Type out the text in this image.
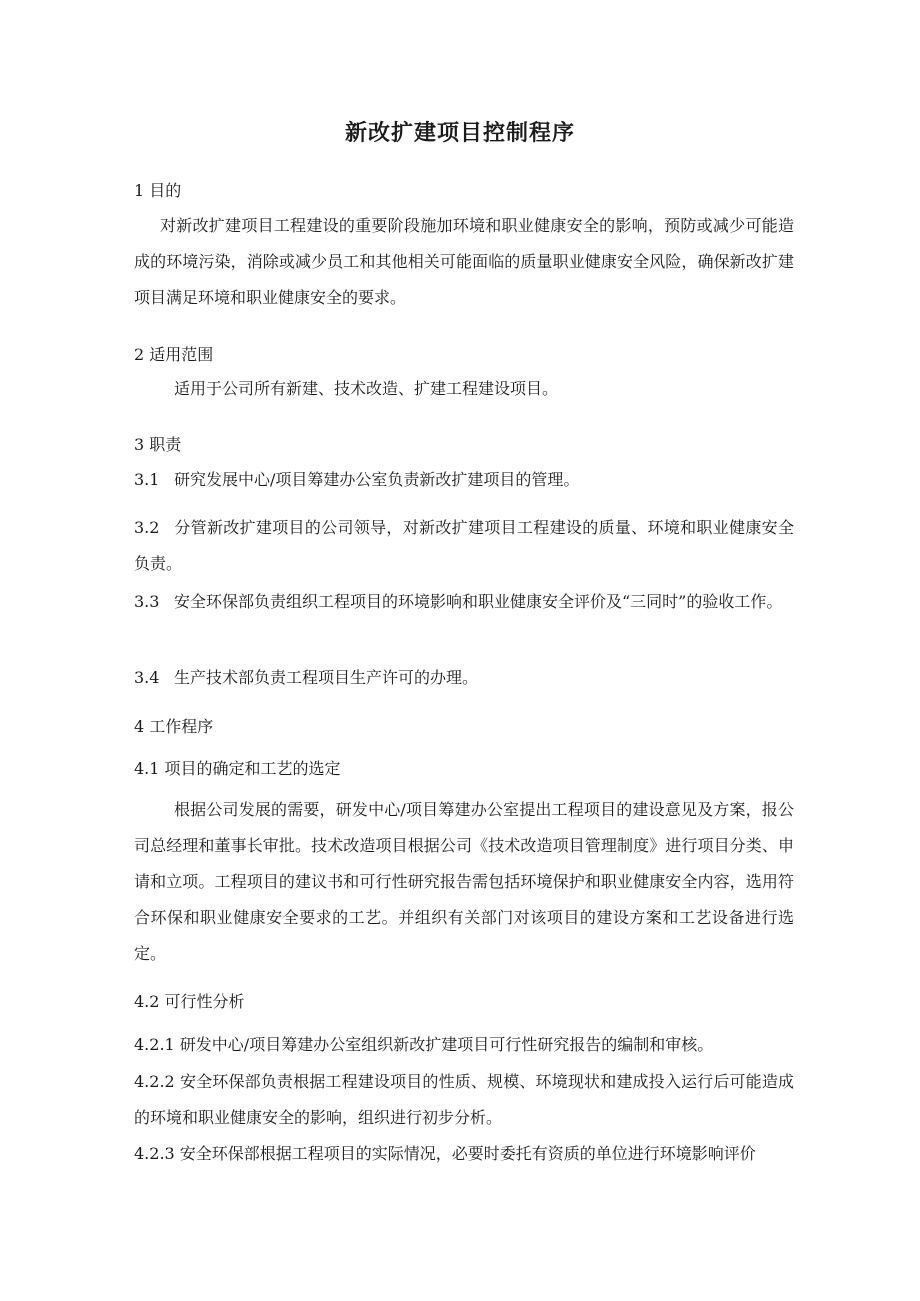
新改扩建项目控制程序
1 目的
对新改扩建项目工程建设的重要阶段施加环境和职业健康安全的影响，预防或减少可能造成的环境污染，消除或减少员工和其他相关可能面临的质量职业健康安全风险，确保新改扩建项目满足环境和职业健康安全的要求。
2 适用范围
适用于公司所有新建、技术改造、扩建工程建设项目。
3 职责
3.1 研究发展中心/项目筹建办公室负责新改扩建项目的管理。
3.2 分管新改扩建项目的公司领导，对新改扩建项目工程建设的质量、环境和职业健康安全负责。
3.3 安全环保部负责组织工程项目的环境影响和职业健康安全评价及“三同时”的验收工作。
3.4 生产技术部负责工程项目生产许可的办理。
4 工作程序
4.1 项目的确定和工艺的选定
根据公司发展的需要，研发中心/项目筹建办公室提出工程项目的建设意见及方案，报公司总经理和董事长审批。技术改造项目根据公司《技术改造项目管理制度》进行项目分类、申请和立项。工程项目的建议书和可行性研究报告需包括环境保护和职业健康安全内容，选用符合环保和职业健康安全要求的工艺。并组织有关部门对该项目的建设方案和工艺设备进行选定。
4.2 可行性分析
4.2.1 研发中心/项目筹建办公室组织新改扩建项目可行性研究报告的编制和审核。
4.2.2 安全环保部负责根据工程建设项目的性质、规模、环境现状和建成投入运行后可能造成的环境和职业健康安全的影响，组织进行初步分析。
4.2.3 安全环保部根据工程项目的实际情况，必要时委托有资质的单位进行环境影响评价
